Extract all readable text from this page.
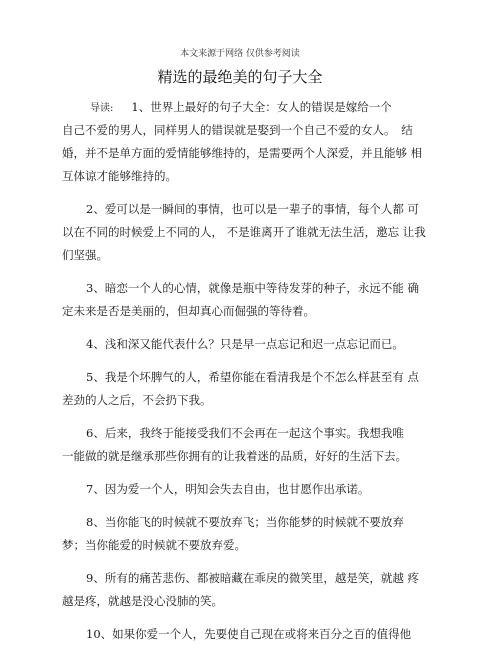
本文来源于网络 仅供参考阅读
精选的最绝美的句子大全
导读: 1、世界上最好的句子大全：女人的错误是嫁给一个
自己不爱的男人，同样男人的错误就是娶到一个自己不爱的女人。　结
婚，并不是单方面的爱情能够维持的，是需要两个人深爱，并且能够 相
互体谅才能够维持的。
2、爱可以是一瞬间的事情，也可以是一辈子的事情，每个人都 可
以在不同的时候爱上不同的人， 不是谁离开了谁就无法生活，邀忘 让我
们坚强。
3、暗恋一个人的心情，就像是瓶中等待发芽的种子，永远不能 确
定未来是否是美丽的，但却真心而倔强的等待着。
4、浅和深又能代表什么？只是早一点忘记和迟一点忘记而已。
5、我是个坏脾气的人，希望你能在看清我是个不怎么样甚至有 点
差劲的人之后，不会扔下我。
6、后来，我终于能接受我们不会再在一起这个事实。我想我唯
一能做的就是继承那些你拥有的让我着迷的品质，好好的生活下去。
7、因为爱一个人，明知会失去自由，也甘愿作出承诺。
8、当你能飞的时候就不要放弃飞；当你能梦的时候就不要放弃
梦；当你能爱的时候就不要放弃爱。
9、所有的痛苦悲伤、都被暗藏在乖戾的微笑里，越是笑，就越 疼
越是疼，就越是没心没肺的笑。
10、如果你爱一个人，先要使自己现在或将来百分之百的值得他
